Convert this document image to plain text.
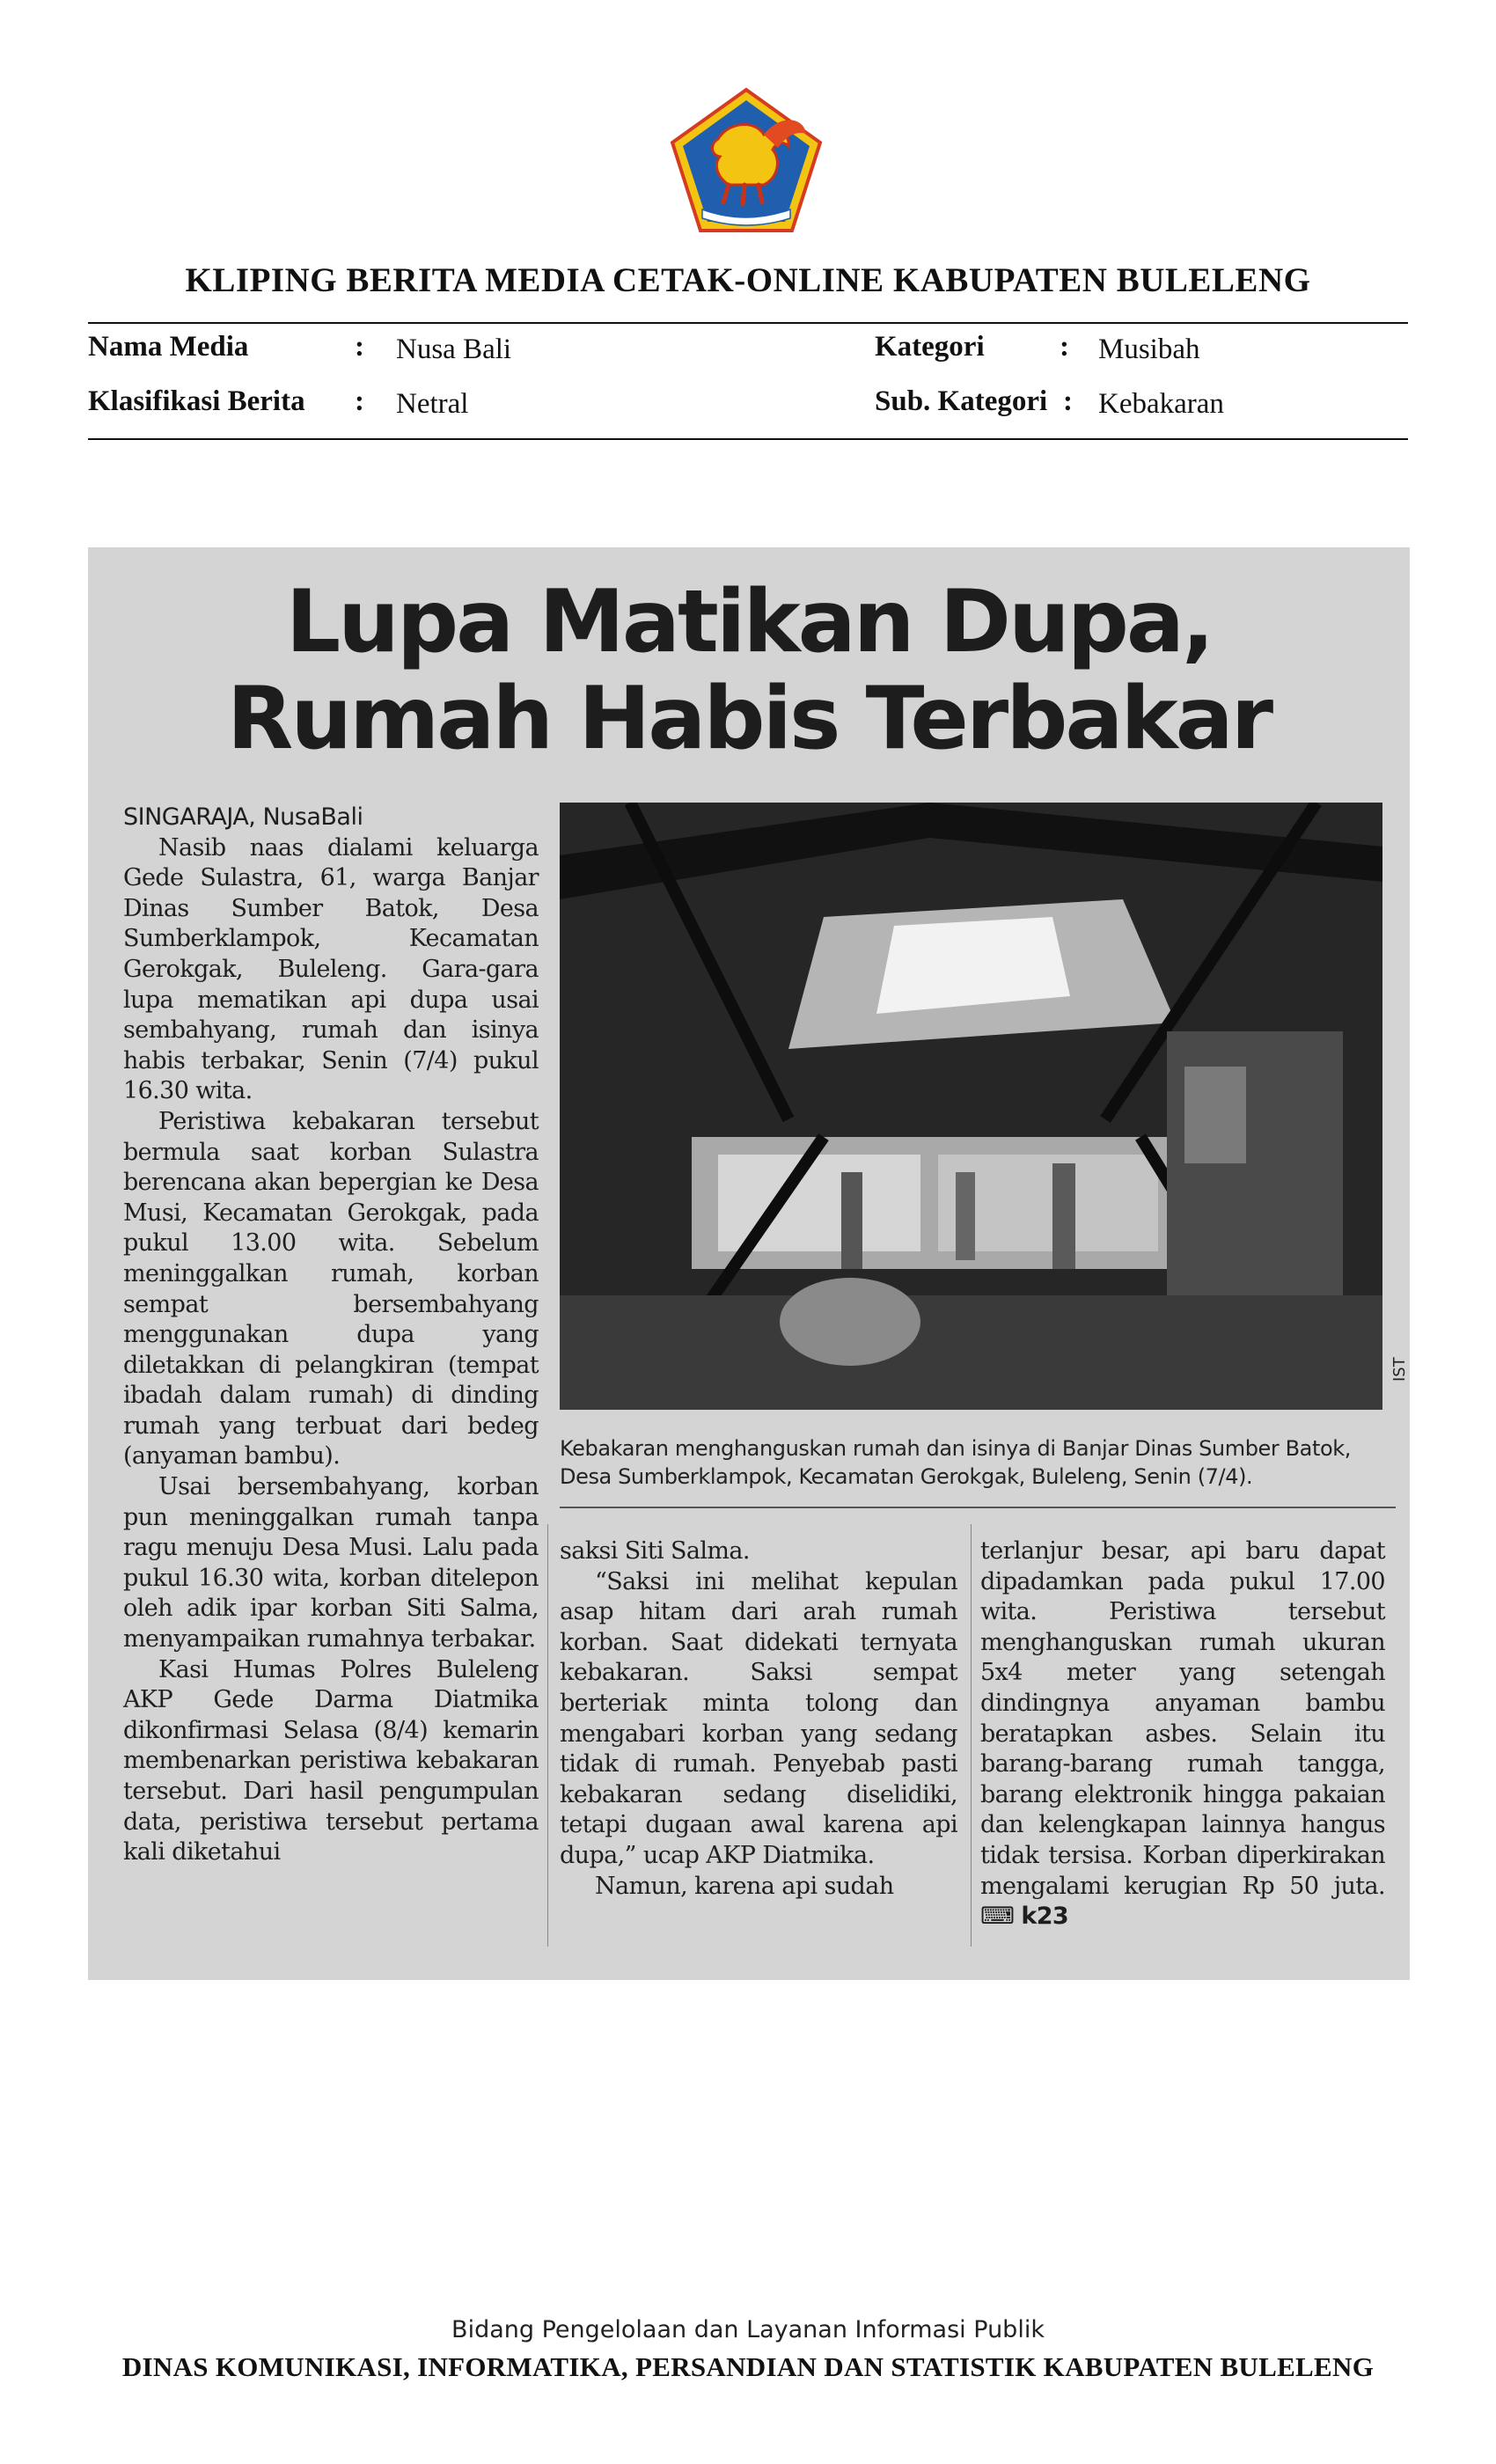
KLIPING BERITA MEDIA CETAK-ONLINE KABUPATEN BULELENG
Nama Media	: Nusa Bali	Kategori	: Musibah
Klasifikasi Berita : Netral	Sub. Kategori : Kebakaran
Lupa Matikan Dupa,
Rumah Habis Terbakar

SINGARAJA, NusaBali

Nasib naas dialami keluarga Gede Sulastra, 61, warga Banjar Dinas Sumber Batok, Desa Sumberklampok, Kecamatan Gerokgak, Buleleng. Gara-gara lupa mematikan api dupa usai sembahyang, rumah dan isinya habis terbakar, Senin (7/4) pukul 16.30 wita.

Peristiwa kebakaran tersebut bermula saat korban Sulastra berencana akan bepergian ke Desa Musi, Kecamatan Gerokgak, pada pukul 13.00 wita. Sebelum meninggalkan rumah, korban sempat bersembahyang menggunakan dupa yang diletakkan di pelangkiran (tempat ibadah dalam rumah) di dinding rumah yang terbuat dari bedeg (anyaman bambu).

Usai bersembahyang, korban pun meninggalkan rumah tanpa ragu menuju Desa Musi. Lalu pada pukul 16.30 wita, korban ditelepon oleh adik ipar korban Siti Salma, menyampaikan rumahnya terbakar.

Kasi Humas Polres Buleleng AKP Gede Darma Diatmika dikonfirmasi Selasa (8/4) kemarin membenarkan peristiwa kebakaran tersebut. Dari hasil pengumpulan data, peristiwa tersebut pertama kali diketahui

IST
Kebakaran menghanguskan rumah dan isinya di Banjar Dinas Sumber Batok, Desa Sumberklampok, Kecamatan Gerokgak, Buleleng, Senin (7/4).

saksi Siti Salma.

“Saksi ini melihat kepulan asap hitam dari arah rumah korban. Saat didekati ternyata kebakaran. Saksi sempat berteriak minta tolong dan mengabari korban yang sedang tidak di rumah. Penyebab pasti kebakaran sedang diselidiki, tetapi dugaan awal karena api dupa,” ucap AKP Diatmika.

Namun, karena api sudah

terlanjur besar, api baru dapat dipadamkan pada pukul 17.00 wita. Peristiwa tersebut menghanguskan rumah ukuran 5x4 meter yang setengah dindingnya anyaman bambu beratapkan asbes. Selain itu barang-barang rumah tangga, barang elektronik hingga pakaian dan kelengkapan lainnya hangus tidak tersisa. Korban diperkirakan mengalami kerugian Rp 50 juta. ⌨ k23

Bidang Pengelolaan dan Layanan Informasi Publik
DINAS KOMUNIKASI, INFORMATIKA, PERSANDIAN DAN STATISTIK KABUPATEN BULELENG
